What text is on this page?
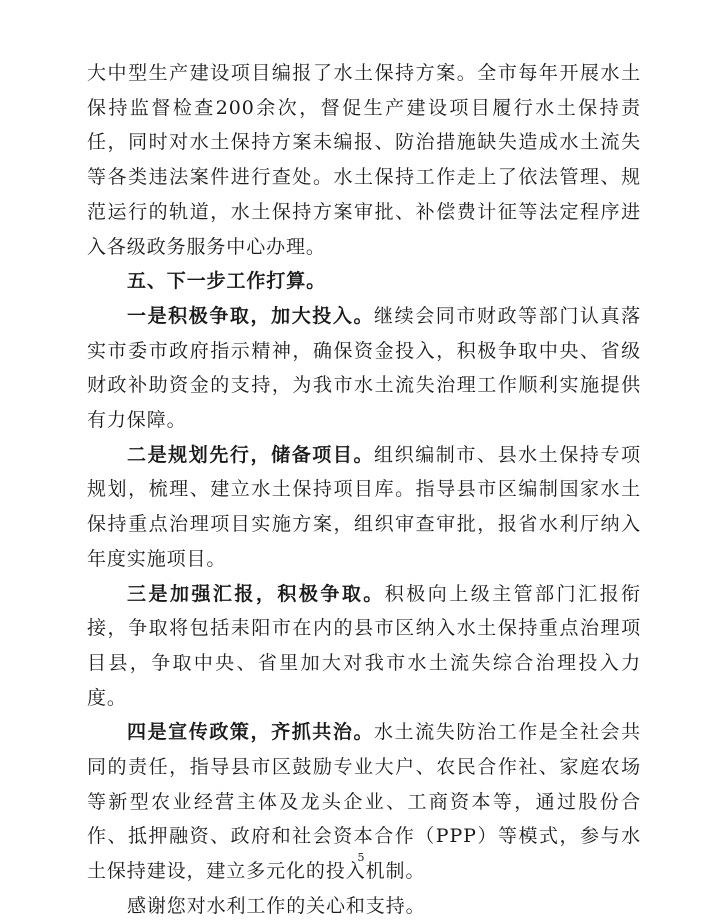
大中型生产建设项目编报了水土保持方案。全市每年开展水土保持监督检查200余次，督促生产建设项目履行水土保持责任，同时对水土保持方案未编报、防治措施缺失造成水土流失等各类违法案件进行查处。水土保持工作走上了依法管理、规范运行的轨道，水土保持方案审批、补偿费计征等法定程序进入各级政务服务中心办理。

五、下一步工作打算。

一是积极争取，加大投入。继续会同市财政等部门认真落实市委市政府指示精神，确保资金投入，积极争取中央、省级财政补助资金的支持，为我市水土流失治理工作顺利实施提供有力保障。

二是规划先行，储备项目。组织编制市、县水土保持专项规划，梳理、建立水土保持项目库。指导县市区编制国家水土保持重点治理项目实施方案，组织审查审批，报省水利厅纳入年度实施项目。

三是加强汇报，积极争取。积极向上级主管部门汇报衔接，争取将包括耒阳市在内的县市区纳入水土保持重点治理项目县，争取中央、省里加大对我市水土流失综合治理投入力度。

四是宣传政策，齐抓共治。水土流失防治工作是全社会共同的责任，指导县市区鼓励专业大户、农民合作社、家庭农场等新型农业经营主体及龙头企业、工商资本等，通过股份合作、抵押融资、政府和社会资本合作（PPP）等模式，参与水土保持建设，建立多元化的投入机制。

感谢您对水利工作的关心和支持。

5
